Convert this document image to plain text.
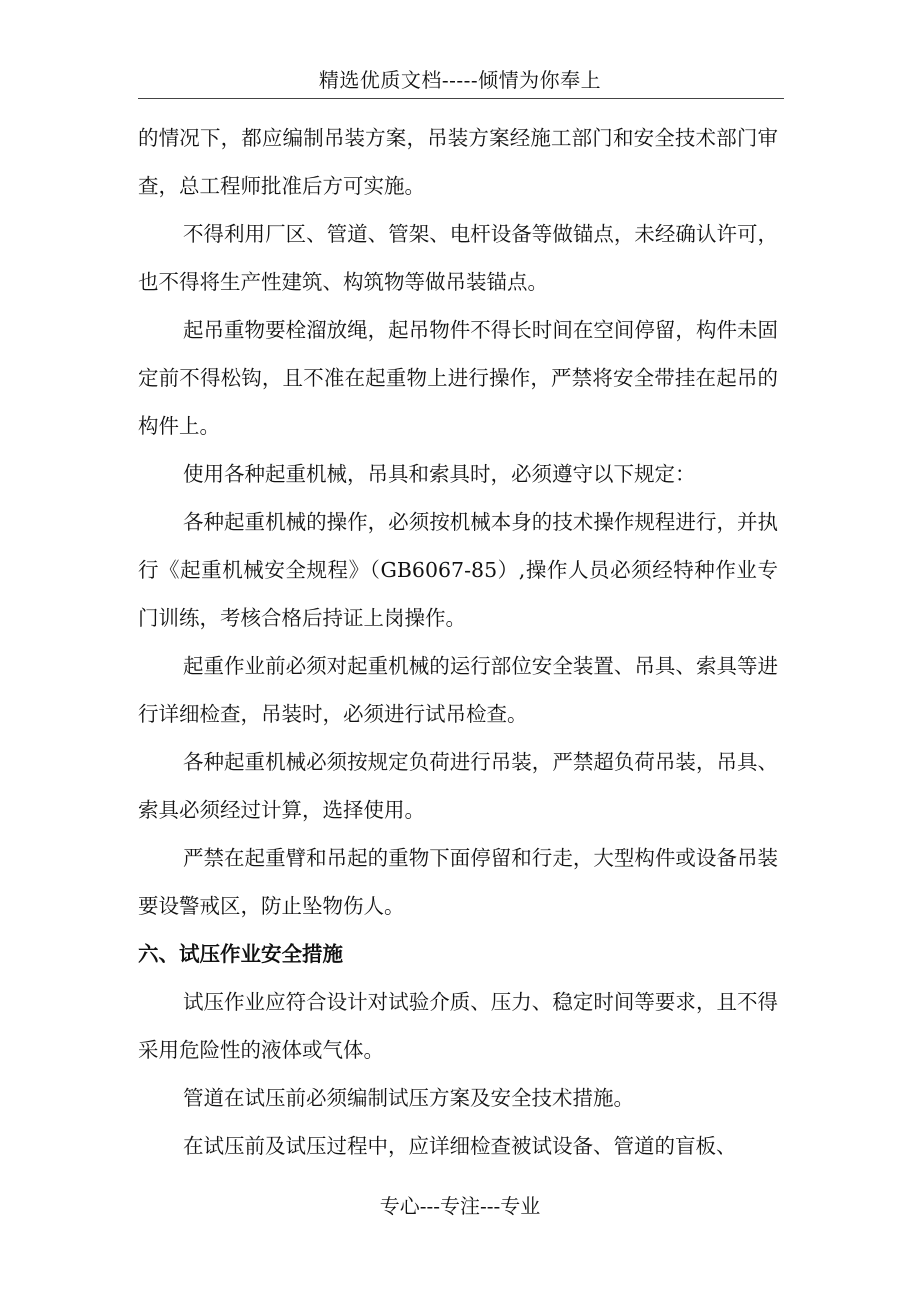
精选优质文档-----倾情为你奉上

的情况下，都应编制吊装方案，吊装方案经施工部门和安全技术部门审查，总工程师批准后方可实施。

不得利用厂区、管道、管架、电杆设备等做锚点，未经确认许可，也不得将生产性建筑、构筑物等做吊装锚点。

起吊重物要栓溜放绳，起吊物件不得长时间在空间停留，构件未固定前不得松钩，且不准在起重物上进行操作，严禁将安全带挂在起吊的构件上。

使用各种起重机械，吊具和索具时，必须遵守以下规定：

各种起重机械的操作，必须按机械本身的技术操作规程进行，并执行《起重机械安全规程》（GB6067-85）,操作人员必须经特种作业专门训练，考核合格后持证上岗操作。

起重作业前必须对起重机械的运行部位安全装置、吊具、索具等进行详细检查，吊装时，必须进行试吊检查。

各种起重机械必须按规定负荷进行吊装，严禁超负荷吊装，吊具、索具必须经过计算，选择使用。

严禁在起重臂和吊起的重物下面停留和行走，大型构件或设备吊装要设警戒区，防止坠物伤人。

六、试压作业安全措施

试压作业应符合设计对试验介质、压力、稳定时间等要求，且不得采用危险性的液体或气体。

管道在试压前必须编制试压方案及安全技术措施。

在试压前及试压过程中，应详细检查被试设备、管道的盲板、

专心---专注---专业
